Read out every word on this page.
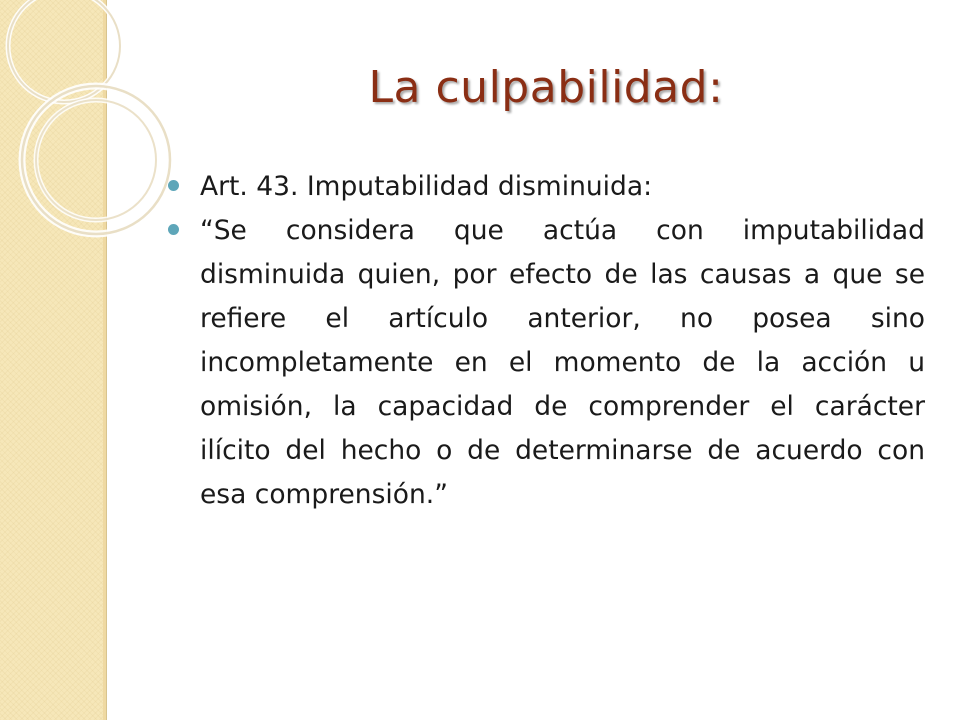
La culpabilidad:
Art. 43. Imputabilidad disminuida:
“Se considera que actúa con imputabilidad disminuida quien, por efecto de las causas a que se refiere el artículo anterior, no posea sino incompletamente en el momento de la acción u omisión, la capacidad de comprender el carácter ilícito del hecho o de determinarse de acuerdo con esa comprensión.”
